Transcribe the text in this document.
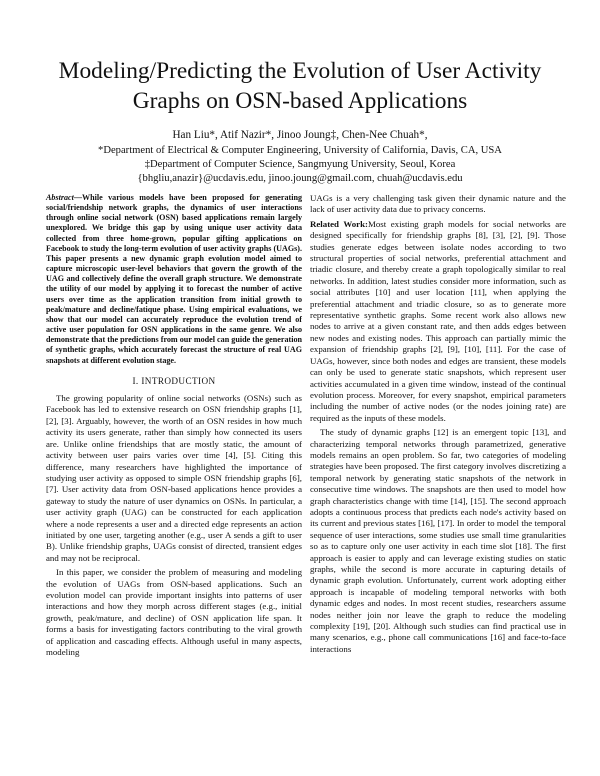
Modeling/Predicting the Evolution of User Activity Graphs on OSN-based Applications
Han Liu*, Atif Nazir*, Jinoo Joung‡, Chen-Nee Chuah*,
*Department of Electrical & Computer Engineering, University of California, Davis, CA, USA
‡Department of Computer Science, Sangmyung University, Seoul, Korea
{bhgliu,anazir}@ucdavis.edu, jinoo.joung@gmail.com, chuah@ucdavis.edu

Abstract—While various models have been proposed for generating social/friendship network graphs, the dynamics of user interactions through online social network (OSN) based applications remain largely unexplored. We bridge this gap by using unique user activity data collected from three home-grown, popular gifting applications on Facebook to study the long-term evolution of user activity graphs (UAGs). This paper presents a new dynamic graph evolution model aimed to capture microscopic user-level behaviors that govern the growth of the UAG and collectively define the overall graph structure. We demonstrate the utility of our model by applying it to forecast the number of active users over time as the application transition from initial growth to peak/mature and decline/fatique phase. Using empirical evaluations, we show that our model can accurately reproduce the evolution trend of active user population for OSN applications in the same genre. We also demonstrate that the predictions from our model can guide the generation of synthetic graphs, which accurately forecast the structure of real UAG snapshots at different evolution stage.

I. INTRODUCTION

The growing popularity of online social networks (OSNs) such as Facebook has led to extensive research on OSN friendship graphs [1], [2], [3]. Arguably, however, the worth of an OSN resides in how much activity its users generate, rather than simply how connected its users are. Unlike online friendships that are mostly static, the amount of activity between user pairs varies over time [4], [5]. Citing this difference, many researchers have highlighted the importance of studying user activity as opposed to simple OSN friendship graphs [6], [7]. User activity data from OSN-based applications hence provides a gateway to study the nature of user dynamics on OSNs. In particular, a user activity graph (UAG) can be constructed for each application where a node represents a user and a directed edge represents an action initiated by one user, targeting another (e.g., user A sends a gift to user B). Unlike friendship graphs, UAGs consist of directed, transient edges and may not be reciprocal.

In this paper, we consider the problem of measuring and modeling the evolution of UAGs from OSN-based applications. Such an evolution model can provide important insights into patterns of user interactions and how they morph across different stages (e.g., initial growth, peak/mature, and decline) of OSN application life span. It forms a basis for investigating factors contributing to the viral growth of application and cascading effects. Although useful in many aspects, modeling

UAGs is a very challenging task given their dynamic nature and the lack of user activity data due to privacy concerns.

Related Work:Most existing graph models for social networks are designed specifically for friendship graphs [8], [3], [2], [9]. Those studies generate edges between isolate nodes according to two structural properties of social networks, preferential attachment and triadic closure, and thereby create a graph topologically similar to real networks. In addition, latest studies consider more information, such as social attributes [10] and user location [11], when applying the preferential attachment and triadic closure, so as to generate more representative synthetic graphs. Some recent work also allows new nodes to arrive at a given constant rate, and then adds edges between new nodes and existing nodes. This approach can partially mimic the expansion of friendship graphs [2], [9], [10], [11]. For the case of UAGs, however, since both nodes and edges are transient, these models can only be used to generate static snapshots, which represent user activities accumulated in a given time window, instead of the continual evolution process. Moreover, for every snapshot, empirical parameters including the number of active nodes (or the nodes joining rate) are required as the inputs of these models.

The study of dynamic graphs [12] is an emergent topic [13], and characterizing temporal networks through parametrized, generative models remains an open problem. So far, two categories of modeling strategies have been proposed. The first category involves discretizing a temporal network by generating static snapshots of the network in consecutive time windows. The snapshots are then used to model how graph characteristics change with time [14], [15]. The second approach adopts a continuous process that predicts each node's activity based on its current and previous states [16], [17]. In order to model the temporal sequence of user interactions, some studies use small time granularities so as to capture only one user activity in each time slot [18]. The first approach is easier to apply and can leverage existing studies on static graphs, while the second is more accurate in capturing details of dynamic graph evolution. Unfortunately, current work adopting either approach is incapable of modeling temporal networks with both dynamic edges and nodes. In most recent studies, researchers assume nodes neither join nor leave the graph to reduce the modeling complexity [19], [20]. Although such studies can find practical use in many scenarios, e.g., phone call communications [16] and face-to-face interactions
